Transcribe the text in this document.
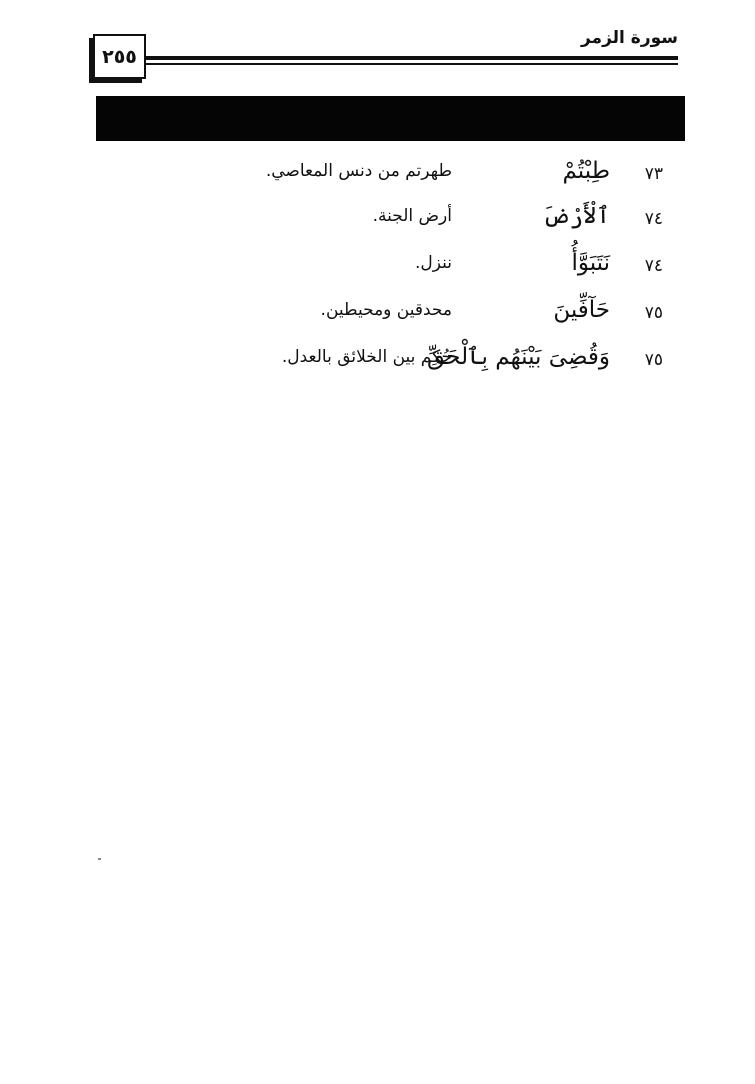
٢٥٥
سورة الزمر
٧٣
طِبْتُمْ
طهرتم من دنس المعاصي.
٧٤
ٱلْأَرْضَ
أرض الجنة.
٧٤
نَتَبَوَّأُ
ننزل.
٧٥
حَآفِّينَ
محدقين ومحيطين.
٧٥
وَقُضِىَ بَيْنَهُم بِٱلْحَقِّ
حُكِم بين الخلائق بالعدل.
